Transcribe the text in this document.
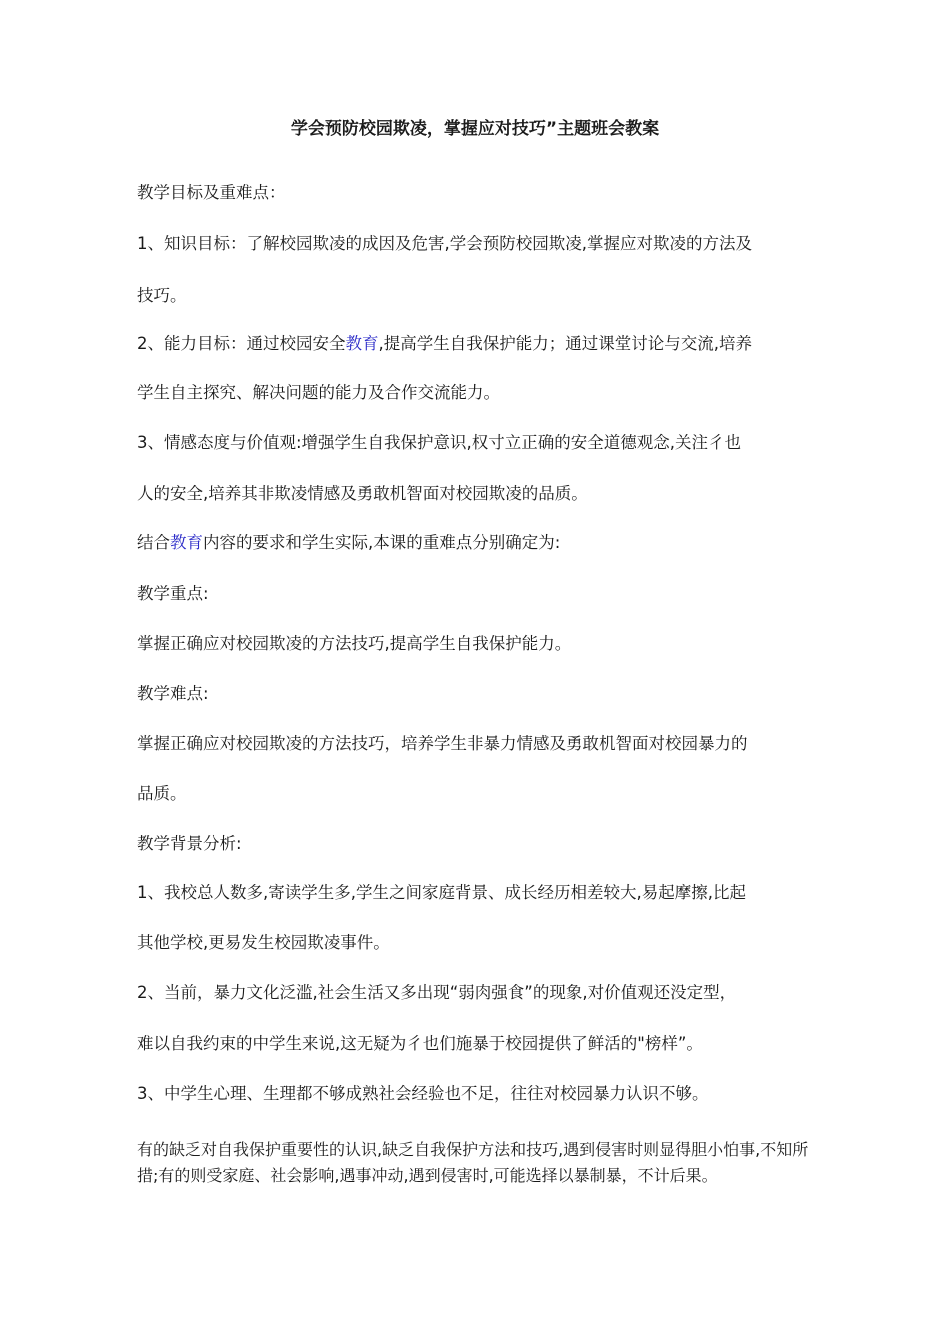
学会预防校园欺凌，掌握应对技巧”主题班会教案
教学目标及重难点：
1、知识目标：了解校园欺凌的成因及危害,学会预防校园欺凌,掌握应对欺凌的方法及
技巧。
2、能力目标：通过校园安全教育,提高学生自我保护能力；通过课堂讨论与交流,培养
学生自主探究、解决问题的能力及合作交流能力。
3、情感态度与价值观:增强学生自我保护意识,权寸立正确的安全道德观念,关注彳也
人的安全,培养其非欺凌情感及勇敢机智面对校园欺凌的品质。
结合教育内容的要求和学生实际,本课的重难点分别确定为:
教学重点:
掌握正确应对校园欺凌的方法技巧,提高学生自我保护能力。
教学难点:
掌握正确应对校园欺凌的方法技巧，培养学生非暴力情感及勇敢机智面对校园暴力的
品质。
教学背景分析:
1、我校总人数多,寄读学生多,学生之间家庭背景、成长经历相差较大,易起摩擦,比起
其他学校,更易发生校园欺凌事件。
2、当前，暴力文化泛滥,社会生活又多出现“弱肉强食”的现象,对价值观还没定型，
难以自我约束的中学生来说,这无疑为彳也们施暴于校园提供了鲜活的"榜样”。
3、中学生心理、生理都不够成熟社会经验也不足，往往对校园暴力认识不够。
有的缺乏对自我保护重要性的认识,缺乏自我保护方法和技巧,遇到侵害时则显得胆小怕事,不知所措;有的则受家庭、社会影响,遇事冲动,遇到侵害时,可能选择以暴制暴，不计后果。
